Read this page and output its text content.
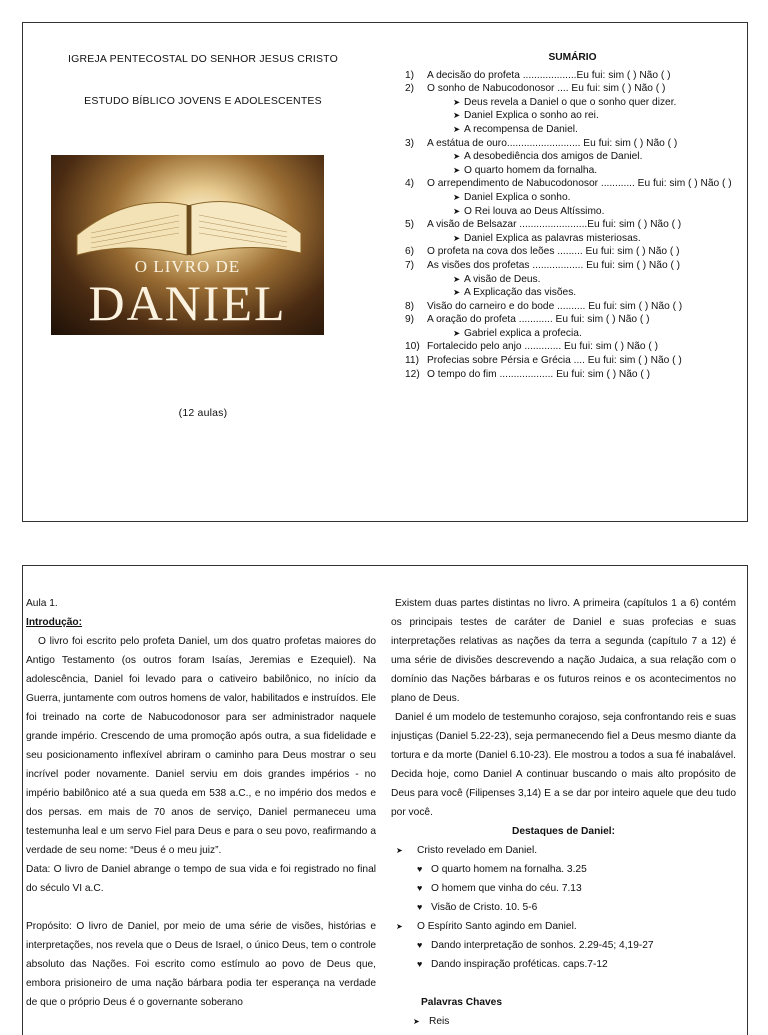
IGREJA PENTECOSTAL DO SENHOR JESUS CRISTO
ESTUDO BÍBLICO JOVENS E ADOLESCENTES
O LIVRO DE
DANIEL
(12 aulas)
SUMÁRIO
1)	A decisão do profeta ...................Eu fui: sim ( ) Não ( )
2)	O sonho de Nabucodonosor .... Eu fui: sim ( ) Não ( )
➤ Deus revela a Daniel o que o sonho quer dizer.
➤ Daniel Explica o sonho ao rei.
➤ A recompensa de Daniel.
3)	A estátua de ouro.......................... Eu fui: sim ( ) Não ( )
➤ A desobediência dos amigos de Daniel.
➤ O quarto homem da fornalha.
4)	O arrependimento de Nabucodonosor ............ Eu fui: sim ( ) Não ( )
➤ Daniel Explica o sonho.
➤ O Rei louva ao Deus Altíssimo.
5)	A visão de Belsazar ........................Eu fui: sim ( ) Não ( )
➤ Daniel Explica as palavras misteriosas.
6)	O profeta na cova dos leões ......... Eu fui: sim ( ) Não ( )
7)	As visões dos profetas .................. Eu fui: sim ( ) Não ( )
➤ A visão de Deus.
➤ A Explicação das visões.
8)	Visão do carneiro e do bode .......... Eu fui: sim ( ) Não ( )
9)	A oração do profeta ............ Eu fui: sim ( ) Não ( )
➤ Gabriel explica a profecia.
10) Fortalecido pelo anjo ............. Eu fui: sim ( ) Não ( )
11) Profecias sobre Pérsia e Grécia .... Eu fui: sim ( ) Não ( )
12) O tempo do fim ................... Eu fui: sim ( ) Não ( )

Aula 1.

Introdução:

O livro foi escrito pelo profeta Daniel, um dos quatro profetas maiores do Antigo Testamento (os outros foram Isaías, Jeremias e Ezequiel). Na adolescência, Daniel foi levado para o cativeiro babilônico, no início da Guerra, juntamente com outros homens de valor, habilitados e instruídos. Ele foi treinado na corte de Nabucodonosor para ser administrador naquele grande império. Crescendo de uma promoção após outra, a sua fidelidade e seu posicionamento inflexível abriram o caminho para Deus mostrar o seu incrível poder novamente. Daniel serviu em dois grandes impérios - no império babilônico até a sua queda em 538 a.C., e no império dos medos e dos persas. em mais de 70 anos de serviço, Daniel permaneceu uma testemunha leal e um servo Fiel para Deus e para o seu povo, reafirmando a verdade de seu nome: “Deus é o meu juiz”.

Data: O livro de Daniel abrange o tempo de sua vida e foi registrado no final do século VI a.C.

Propósito: O livro de Daniel, por meio de uma série de visões, histórias e interpretações, nos revela que o Deus de Israel, o único Deus, tem o controle absoluto das Nações. Foi escrito como estímulo ao povo de Deus que, embora prisioneiro de uma nação bárbara podia ter esperança na verdade de que o próprio Deus é o governante soberano

Existem duas partes distintas no livro. A primeira (capítulos 1 a 6) contém os principais testes de caráter de Daniel e suas profecias e suas interpretações relativas as nações da terra a segunda (capítulo 7 a 12) é uma série de divisões descrevendo a nação Judaica, a sua relação com o domínio das Nações bárbaras e os futuros reinos e os acontecimentos no plano de Deus.

Daniel é um modelo de testemunho corajoso, seja confrontando reis e suas injustiças (Daniel 5.22-23), seja permanecendo fiel a Deus mesmo diante da tortura e da morte (Daniel 6.10-23). Ele mostrou a todos a sua fé inabalável. Decida hoje, como Daniel A continuar buscando o mais alto propósito de Deus para você (Filipenses 3,14) E a se dar por inteiro aquele que deu tudo por você.

Destaques de Daniel:

➤ Cristo revelado em Daniel.
♥ O quarto homem na fornalha. 3.25
♥ O homem que vinha do céu. 7.13
♥ Visão de Cristo. 10. 5-6
➤ O Espírito Santo agindo em Daniel.
♥ Dando interpretação de sonhos. 2.29-45; 4,19-27
♥ Dando inspiração proféticas. caps.7-12

Palavras Chaves

➤ Reis
